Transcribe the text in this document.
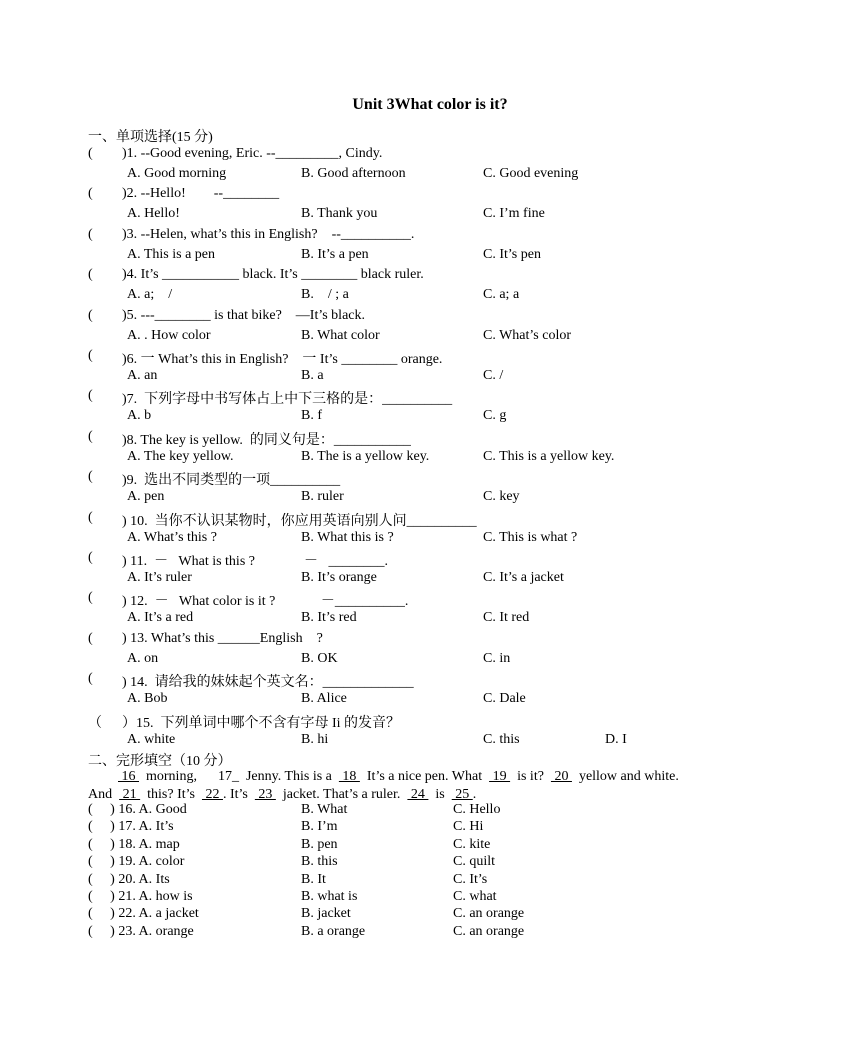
Unit 3What color is it?
一、单项选择(15 分)
( )1. --Good evening, Eric. --_________, Cindy.
A. Good morning	B. Good afternoon	C. Good evening
( )2. --Hello!        --________
A. Hello!	B. Thank you	C. I’m fine
( )3. --Helen, what’s this in English?    --__________.
A. This is a pen	B. It’s a pen	C. It’s pen
( )4. It’s ___________ black. It’s ________ black ruler.
A. a;    /	B.    / ; a	C. a; a
( )5. ---________ is that bike?    —It’s black.
A. . How color	B. What color	C. What’s color
( )6. 一 What’s this in English?    一 It’s ________ orange.
A. an	B. a	C. /
( )7.  下列字母中书写体占上中下三格的是：__________
A. b	B. f	C. g
( )8. The key is yellow.  的同义句是：___________
A. The key yellow.	B. The is a yellow key.	C. This is a yellow key.
( )9.  选出不同类型的一项__________
A. pen	B. ruler	C. key
( ) 10.  当你不认识某物时，你应用英语向别人问__________
A. What’s this ?	B. What this is ?	C. This is what ?
( ) 11.  －   What is this ?              －   ________.
A. It’s ruler	B. It’s orange	C. It’s a jacket
( ) 12.  －   What color is it ?             －__________.
A. It’s a red	B. It’s red	C. It red
( ) 13. What’s this ______English    ?
A. on	B. OK	C. in
( ) 14.  请给我的妹妹起个英文名：_____________
A. Bob	B. Alice	C. Dale
（ ）15.  下列单词中哪个不含有字母 Ii 的发音？
A. white	B. hi	C. this	D. I
二、完形填空（10 分）
16   morning,      17_  Jenny. This is a   18   It’s a nice pen. What   19   is it?   20   yellow and white.
And   21   this? It’s   22 . It’s   23   jacket. That’s a ruler.   24   is   25 .
(     ) 16. A. Good	B. What	C. Hello
(     ) 17. A. It’s	B. I’m	C. Hi
(     ) 18. A. map	B. pen	C. kite
(     ) 19. A. color	B. this	C. quilt
(     ) 20. A. Its	B. It	C. It’s
(     ) 21. A. how is	B. what is	C. what
(     ) 22. A. a jacket	B. jacket	C. an orange
(     ) 23. A. orange	B. a orange	C. an orange
